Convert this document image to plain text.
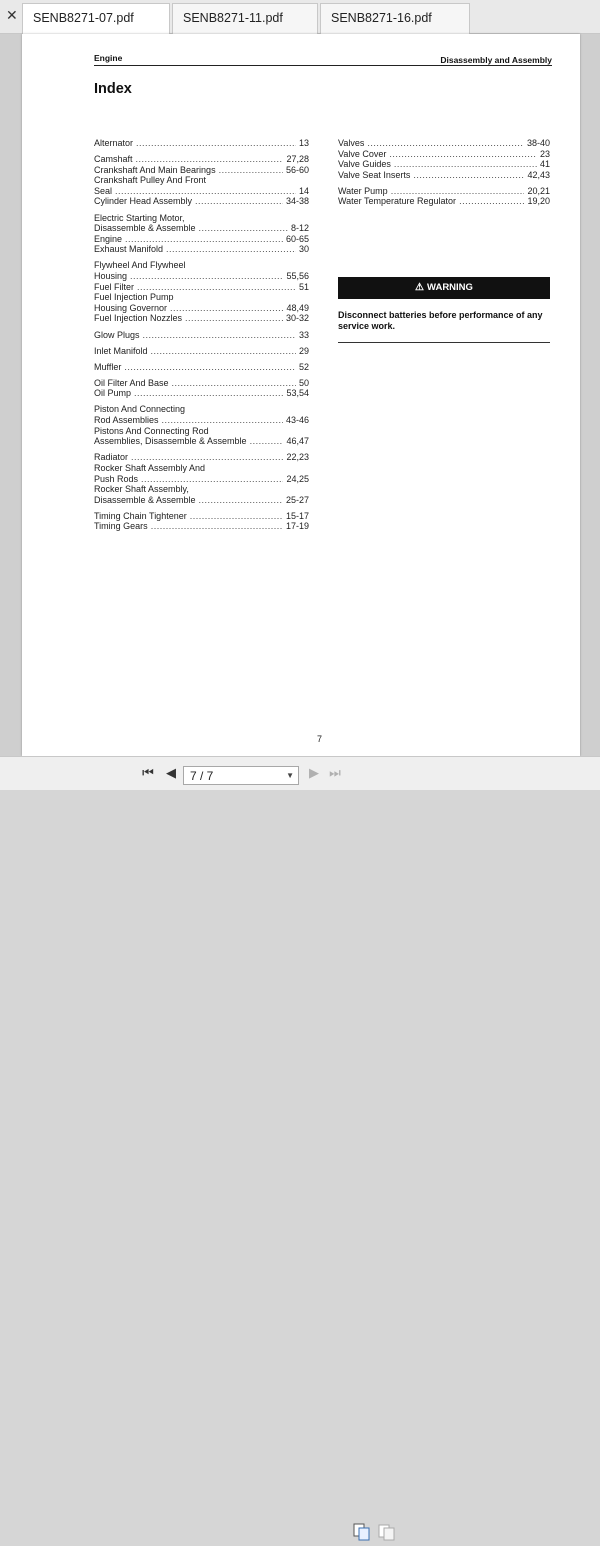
✕ SENB8271-07.pdf	SENB8271-11.pdf	SENB8271-16.pdf
Engine	Disassembly and Assembly
Index
Alternator .....	13
Camshaft .....	27,28
Crankshaft And Main Bearings .....	56-60
Crankshaft Pulley And Front
Seal .....	14
Cylinder Head Assembly .....	34-38
Electric Starting Motor,
Disassemble & Assemble .....	8-12
Engine .....	60-65
Exhaust Manifold .....	30
Flywheel And Flywheel
Housing .....	55,56
Fuel Filter .....	51
Fuel Injection Pump
Housing Governor .....	48,49
Fuel Injection Nozzles .....	30-32
Glow Plugs .....	33
Inlet Manifold .....	29
Muffler .....	52
Oil Filter And Base .....	50
Oil Pump .....	53,54
Piston And Connecting
Rod Assemblies .....	43-46
Pistons And Connecting Rod
Assemblies, Disassemble & Assemble .....	46,47
Radiator .....	22,23
Rocker Shaft Assembly And
Push Rods .....	24,25
Rocker Shaft Assembly,
Disassemble & Assemble .....	25-27
Timing Chain Tightener .....	15-17
Timing Gears .....	17-19
Valves .....	38-40
Valve Cover .....	23
Valve Guides .....	41
Valve Seat Inserts .....	42,43
Water Pump .....	20,21
Water Temperature Regulator .....	19,20
⚠ WARNING
Disconnect batteries before performance of any service work.
7
⏮ ◀	▶ ⏭
7 / 7	▼
